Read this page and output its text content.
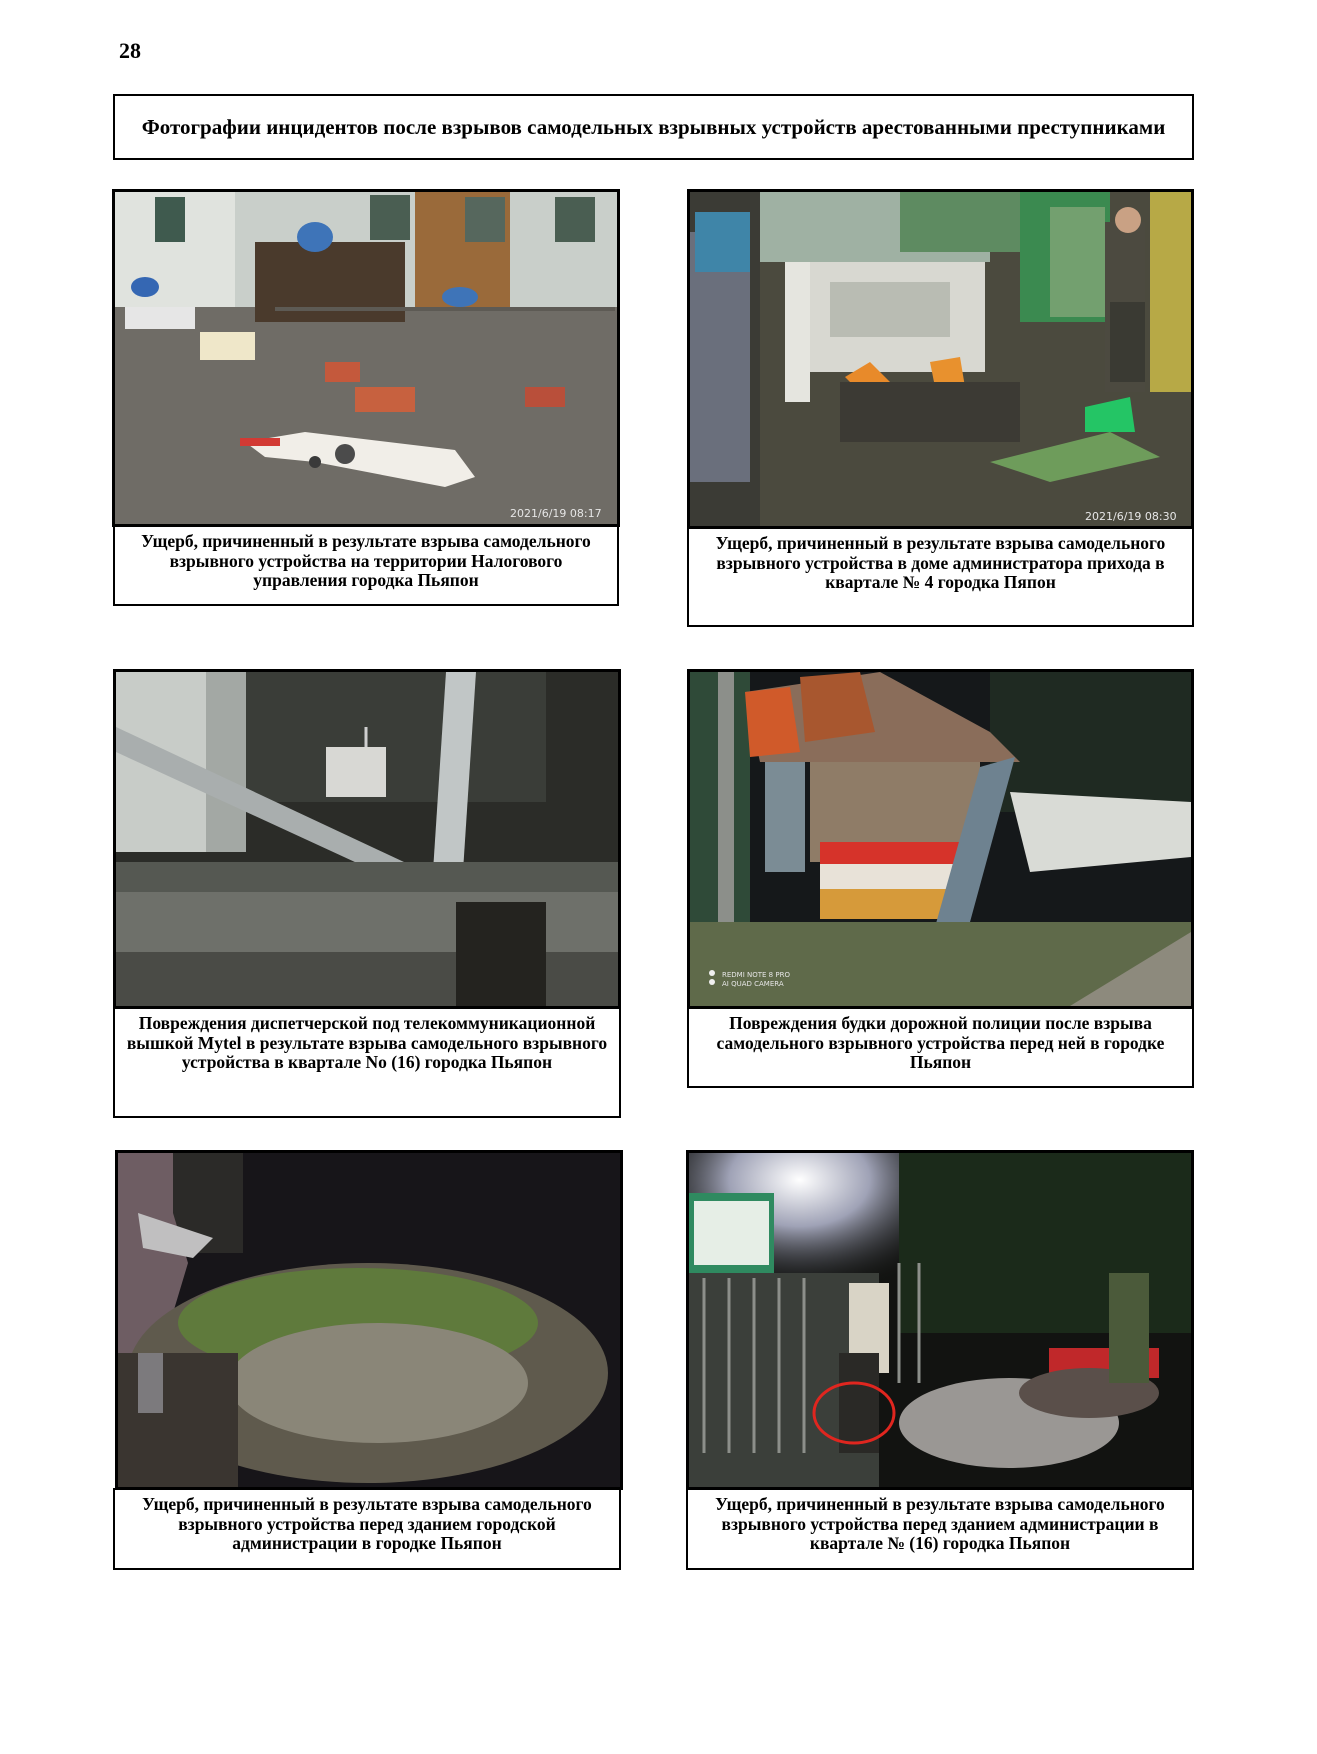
28
Фотографии инцидентов после взрывов самодельных взрывных устройств арестованными преступниками
2021/6/19 08:17
Ущерб, причиненный в результате взрыва самодельного взрывного устройства на территории Налогового управления городка Пьяпон
2021/6/19 08:30
Ущерб, причиненный в результате взрыва самодельного взрывного устройства в доме администратора прихода в квартале № 4 городка Пяпон
Повреждения диспетчерской под телекоммуникационной вышкой Mytel в результате взрыва самодельного взрывного устройства в квартале No (16) городка Пьяпон
REDMI NOTE 8 PRO
AI QUAD CAMERA
Повреждения будки дорожной полиции после взрыва самодельного взрывного устройства перед ней в городке Пьяпон
Ущерб, причиненный в результате взрыва самодельного взрывного устройства перед зданием городской администрации в городке Пьяпон
Ущерб, причиненный в результате взрыва самодельного взрывного устройства перед зданием администрации в квартале № (16) городка Пьяпон
